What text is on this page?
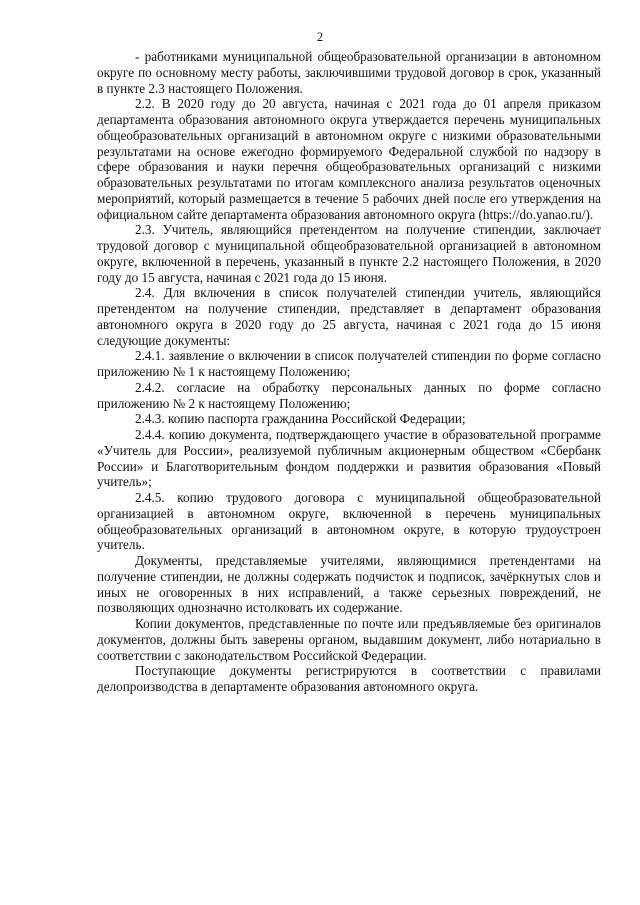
2

- работниками муниципальной общеобразовательной организации в автономном округе по основному месту работы, заключившими трудовой договор в срок, указанный в пункте 2.3 настоящего Положения.

2.2. В 2020 году до 20 августа, начиная с 2021 года до 01 апреля приказом департамента образования автономного округа утверждается перечень муниципальных общеобразовательных организаций в автономном округе с низкими образовательными результатами на основе ежегодно формируемого Федеральной службой по надзору в сфере образования и науки перечня общеобразовательных организаций с низкими образовательных результатами по итогам комплексного анализа результатов оценочных мероприятий, который размещается в течение 5 рабочих дней после его утверждения на официальном сайте департамента образования автономного округа (https://do.yanao.ru/).

2.3. Учитель, являющийся претендентом на получение стипендии, заключает трудовой договор с муниципальной общеобразовательной организацией в автономном округе, включенной в перечень, указанный в пункте 2.2 настоящего Положения, в 2020 году до 15 августа, начиная с 2021 года до 15 июня.

2.4. Для включения в список получателей стипендии учитель, являющийся претендентом на получение стипендии, представляет в департамент образования автономного округа в 2020 году до 25 августа, начиная с 2021 года до 15 июня следующие документы:

2.4.1. заявление о включении в список получателей стипендии по форме согласно приложению № 1 к настоящему Положению;

2.4.2. согласие на обработку персональных данных по форме согласно приложению № 2 к настоящему Положению;

2.4.3. копию паспорта гражданина Российской Федерации;

2.4.4. копию документа, подтверждающего участие в образовательной программе «Учитель для России», реализуемой публичным акционерным обществом «Сбербанк России» и Благотворительным фондом поддержки и развития образования «Повый учитель»;

2.4.5. копию трудового договора с муниципальной общеобразовательной организацией в автономном округе, включенной в перечень муниципальных общеобразовательных организаций в автономном округе, в которую трудоустроен учитель.

Документы, представляемые учителями, являющимися претендентами на получение стипендии, не должны содержать подчисток и подписок, зачёркнутых слов и иных не оговоренных в них исправлений, а также серьезных повреждений, не позволяющих однозначно истолковать их содержание.

Копии документов, представленные по почте или предъявляемые без оригиналов документов, должны быть заверены органом, выдавшим документ, либо нотариально в соответствии с законодательством Российской Федерации.

Поступающие документы регистрируются в соответствии с правилами делопроизводства в департаменте образования автономного округа.
